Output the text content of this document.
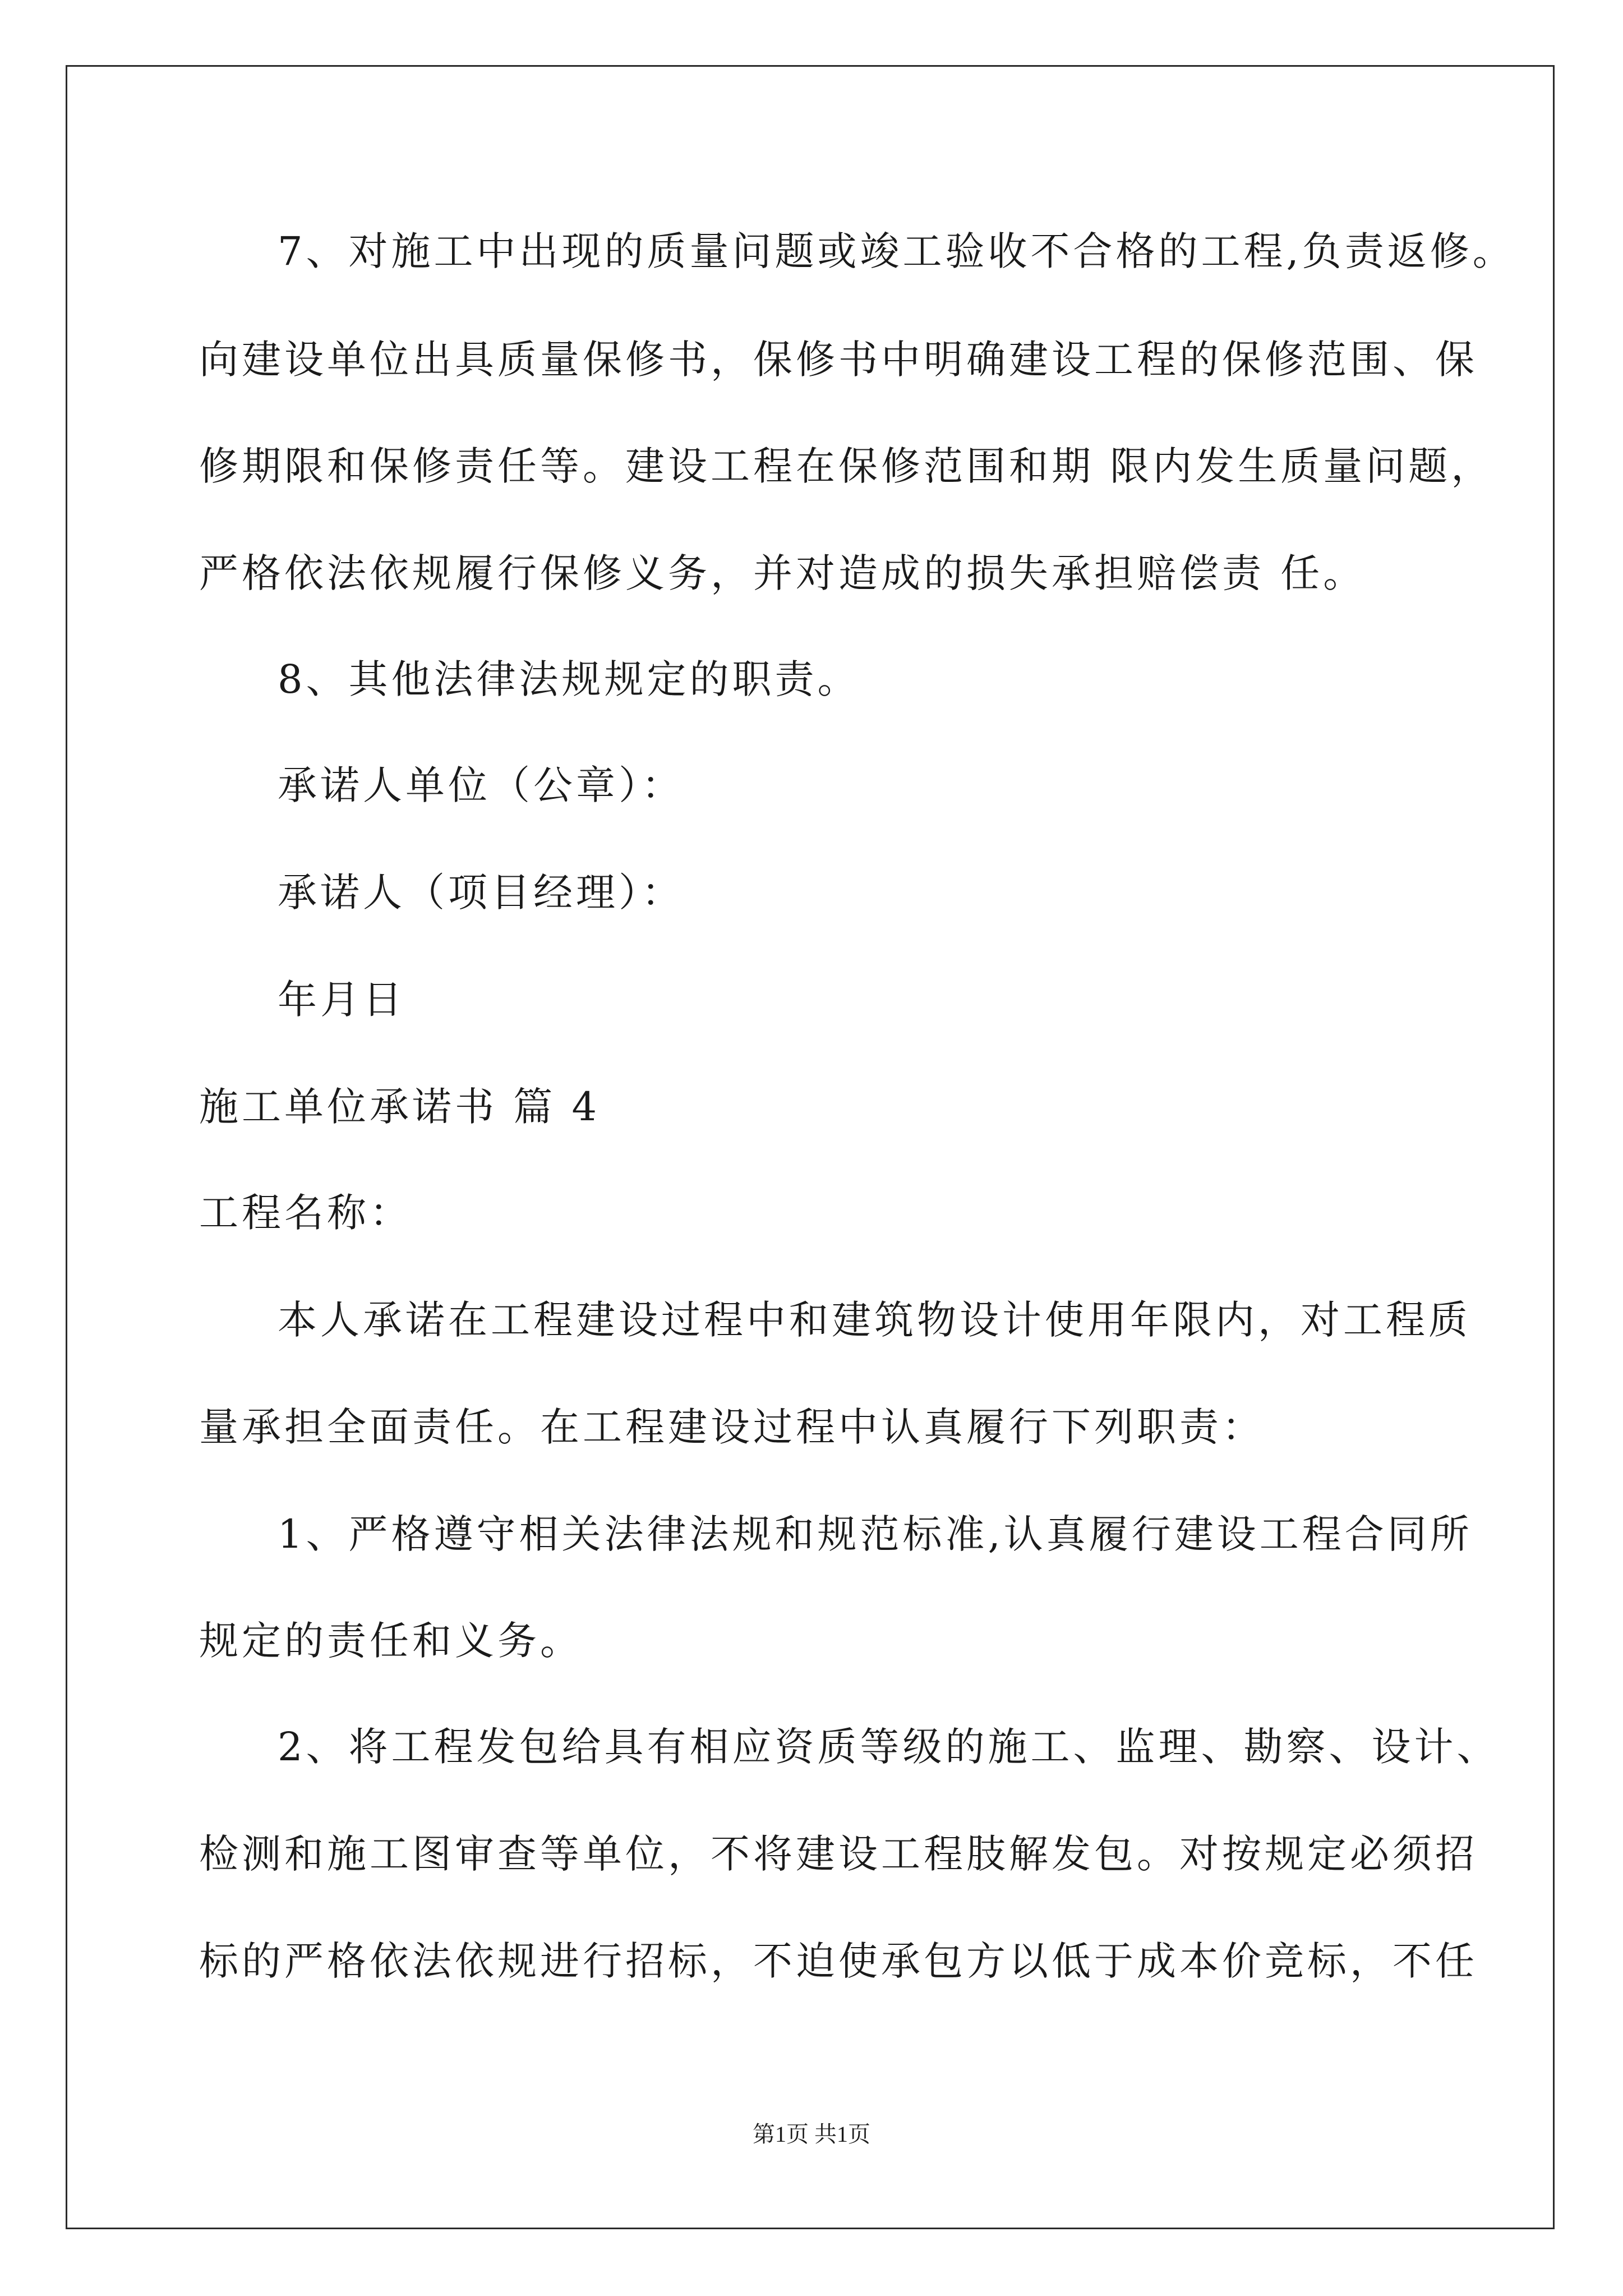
7、对施工中出现的质量问题或竣工验收不合格的工程,负责返修。
向建设单位出具质量保修书，保修书中明确建设工程的保修范围、保
修期限和保修责任等。建设工程在保修范围和期 限内发生质量问题，
严格依法依规履行保修义务，并对造成的损失承担赔偿责 任。
8、其他法律法规规定的职责。
承诺人单位（公章）：
承诺人（项目经理）：
年月日
施工单位承诺书 篇 4
工程名称：
本人承诺在工程建设过程中和建筑物设计使用年限内，对工程质
量承担全面责任。在工程建设过程中认真履行下列职责：
1、严格遵守相关法律法规和规范标准,认真履行建设工程合同所
规定的责任和义务。
2、将工程发包给具有相应资质等级的施工、监理、勘察、设计、
检测和施工图审查等单位，不将建设工程肢解发包。对按规定必须招
标的严格依法依规进行招标，不迫使承包方以低于成本价竞标，不任
第1页 共1页
